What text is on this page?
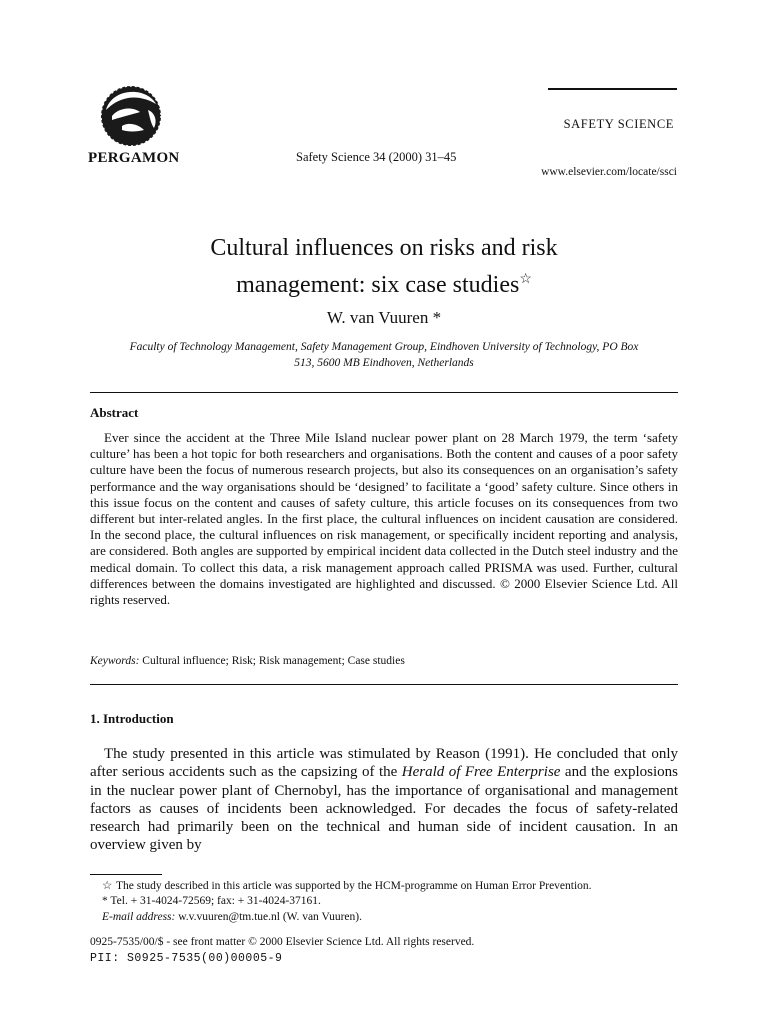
PERGAMON	Safety Science 34 (2000) 31–45
SAFETY SCIENCE
www.elsevier.com/locate/ssci
Cultural influences on risks and risk
management: six case studies☆
W. van Vuuren *
Faculty of Technology Management, Safety Management Group, Eindhoven University of Technology, PO Box
513, 5600 MB Eindhoven, Netherlands
Abstract

Ever since the accident at the Three Mile Island nuclear power plant on 28 March 1979, the term ‘safety culture’ has been a hot topic for both researchers and organisations. Both the content and causes of a poor safety culture have been the focus of numerous research projects, but also its consequences on an organisation’s safety performance and the way organisations should be ‘designed’ to facilitate a ‘good’ safety culture. Since others in this issue focus on the content and causes of safety culture, this article focuses on its consequences from two different but inter-related angles. In the first place, the cultural influences on incident causation are considered. In the second place, the cultural influences on risk management, or specifically incident reporting and analysis, are considered. Both angles are supported by empirical incident data collected in the Dutch steel industry and the medical domain. To collect this data, a risk management approach called PRISMA was used. Further, cultural differences between the domains investigated are highlighted and discussed. © 2000 Elsevier Science Ltd. All rights reserved.

Keywords: Cultural influence; Risk; Risk management; Case studies
1. Introduction

The study presented in this article was stimulated by Reason (1991). He concluded that only after serious accidents such as the capsizing of the Herald of Free Enterprise and the explosions in the nuclear power plant of Chernobyl, has the importance of organisational and management factors as causes of incidents been acknowledged. For decades the focus of safety-related research had primarily been on the technical and human side of incident causation. In an overview given by

☆ The study described in this article was supported by the HCM-programme on Human Error Prevention.
* Tel. + 31-4024-72569; fax: + 31-4024-37161.
E-mail address: w.v.vuuren@tm.tue.nl (W. van Vuuren).
0925-7535/00/$ - see front matter © 2000 Elsevier Science Ltd. All rights reserved.
PII: S0925-7535(00)00005-9
